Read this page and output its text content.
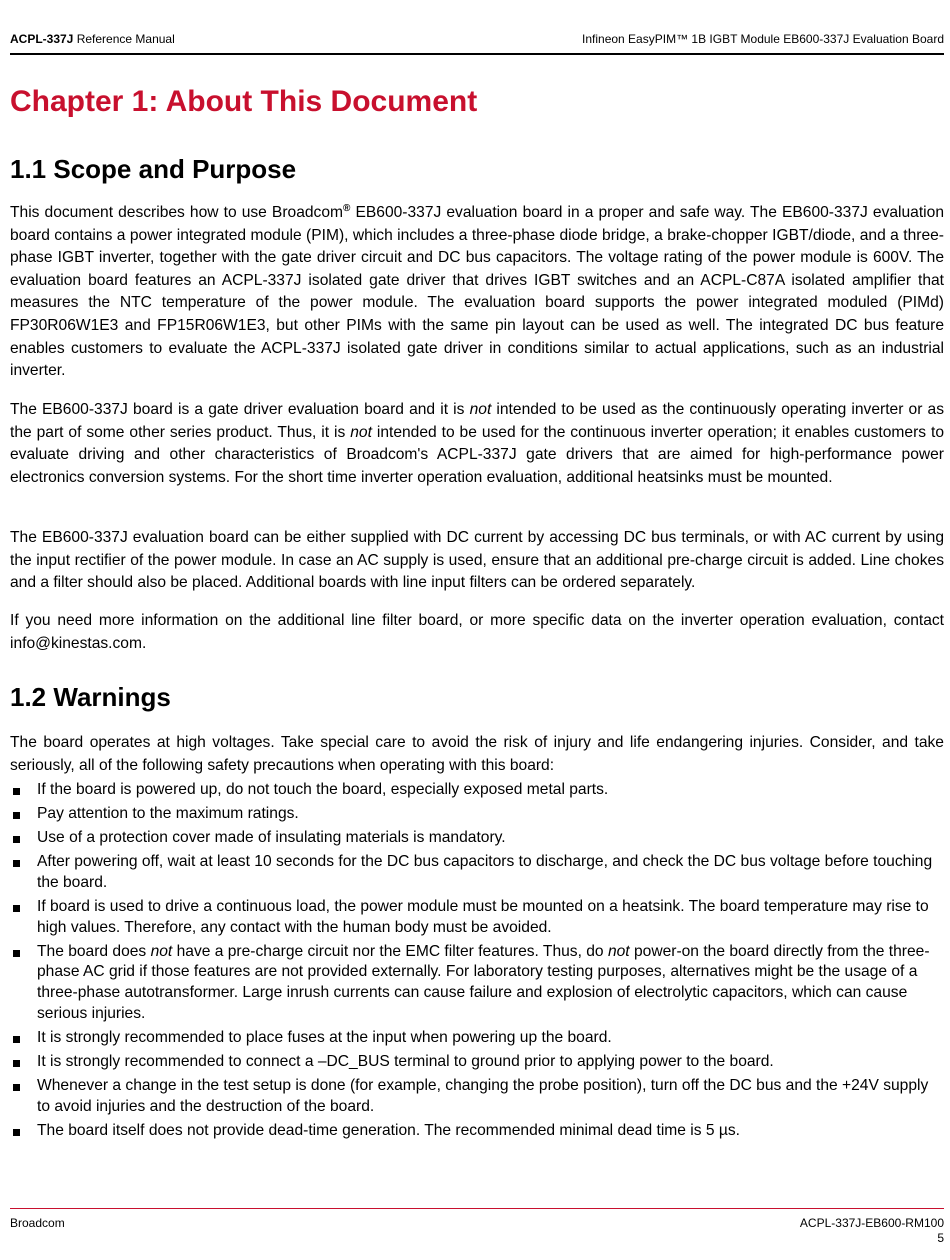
ACPL-337J Reference Manual	Infineon EasyPIM™ 1B IGBT Module EB600-337J Evaluation Board
Chapter 1: About This Document
1.1 Scope and Purpose

This document describes how to use Broadcom® EB600-337J evaluation board in a proper and safe way. The EB600-337J evaluation board contains a power integrated module (PIM), which includes a three-phase diode bridge, a brake-chopper IGBT/diode, and a three-phase IGBT inverter, together with the gate driver circuit and DC bus capacitors. The voltage rating of the power module is 600V. The evaluation board features an ACPL-337J isolated gate driver that drives IGBT switches and an ACPL-C87A isolated amplifier that measures the NTC temperature of the power module. The evaluation board supports the power integrated moduled (PIMd) FP30R06W1E3 and FP15R06W1E3, but other PIMs with the same pin layout can be used as well. The integrated DC bus feature enables customers to evaluate the ACPL-337J isolated gate driver in conditions similar to actual applications, such as an industrial inverter.

The EB600-337J board is a gate driver evaluation board and it is not intended to be used as the continuously operating inverter or as the part of some other series product. Thus, it is not intended to be used for the continuous inverter operation; it enables customers to evaluate driving and other characteristics of Broadcom's ACPL-337J gate drivers that are aimed for high-performance power electronics conversion systems. For the short time inverter operation evaluation, additional heatsinks must be mounted.

The EB600-337J evaluation board can be either supplied with DC current by accessing DC bus terminals, or with AC current by using the input rectifier of the power module. In case an AC supply is used, ensure that an additional pre-charge circuit is added. Line chokes and a filter should also be placed. Additional boards with line input filters can be ordered separately.

If you need more information on the additional line filter board, or more specific data on the inverter operation evaluation, contact info@kinestas.com.

1.2 Warnings

The board operates at high voltages. Take special care to avoid the risk of injury and life endangering injuries. Consider, and take seriously, all of the following safety precautions when operating with this board:

If the board is powered up, do not touch the board, especially exposed metal parts.
Pay attention to the maximum ratings.
Use of a protection cover made of insulating materials is mandatory.
After powering off, wait at least 10 seconds for the DC bus capacitors to discharge, and check the DC bus voltage before touching the board.
If board is used to drive a continuous load, the power module must be mounted on a heatsink. The board temperature may rise to high values. Therefore, any contact with the human body must be avoided.
The board does not have a pre-charge circuit nor the EMC filter features. Thus, do not power-on the board directly from the three-phase AC grid if those features are not provided externally. For laboratory testing purposes, alternatives might be the usage of a three-phase autotransformer. Large inrush currents can cause failure and explosion of electrolytic capacitors, which can cause serious injuries.
It is strongly recommended to place fuses at the input when powering up the board.
It is strongly recommended to connect a –DC_BUS terminal to ground prior to applying power to the board.
Whenever a change in the test setup is done (for example, changing the probe position), turn off the DC bus and the +24V supply to avoid injuries and the destruction of the board.
The board itself does not provide dead-time generation. The recommended minimal dead time is 5 µs.
Broadcom	ACPL-337J-EB600-RM100
5
